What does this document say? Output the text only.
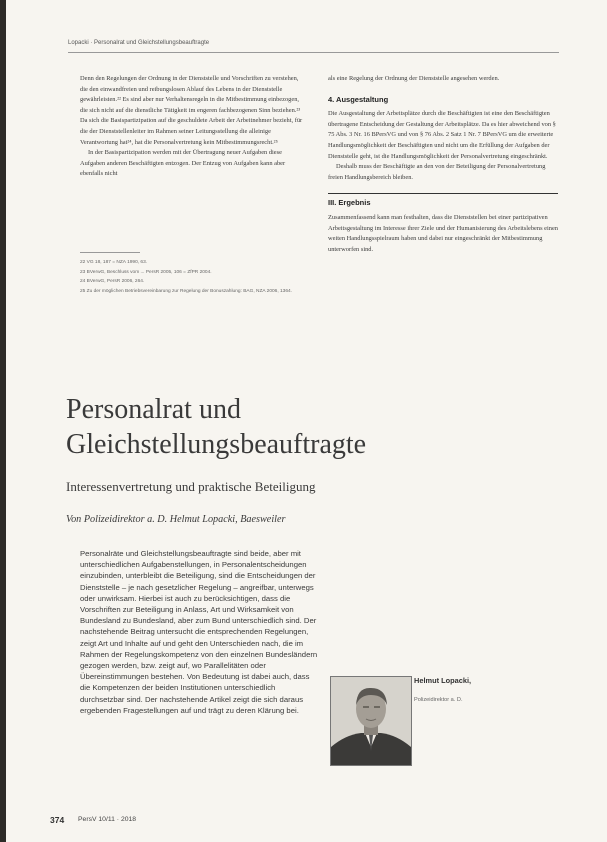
Lopacki · Personalrat und Gleichstellungsbeauftragte

Denn den Regelungen der Ordnung in der Dienststelle und Vorschriften zu verstehen, die den einwandfreien und reibungslosen Ablauf des Lebens in der Dienststelle gewährleisten.²² Es sind aber nur Verhaltensregeln in die Mitbestimmung einbezogen, die sich nicht auf die dienstliche Tätigkeit im engeren fachbezogenen Sinn beziehen.²³ Da sich die Basispartizipation auf die geschuldete Arbeit der Arbeitnehmer bezieht, für die der Dienststellenleiter im Rahmen seiner Leitungsstellung die alleinige Verantwortung hat²⁴, hat die Personalvertretung kein Mitbestimmungsrecht.²⁵

In der Basispartizipation werden mit der Übertragung neuer Aufgaben diese Aufgaben anderen Beschäftigten entzogen. Der Entzug von Aufgaben kann aber ebenfalls nicht

22 VG 18, 187 = NZA 1990, 63.
23 BVerwG, Beschluss vom ... PersR 2005, 106 = ZfPR 2004.
24 BVerwG, PersR 2006, 264.
25 Zu der möglichen Betriebsvereinbarung zur Regelung der Bonuszahlung: BAG, NZA 2006, 1364.

als eine Regelung der Ordnung der Dienststelle angesehen werden.

4. Ausgestaltung

Die Ausgestaltung der Arbeitsplätze durch die Beschäftigten ist eine den Beschäftigten übertragene Entscheidung der Gestaltung der Arbeitsplätze. Da es hier abweichend von § 75 Abs. 3 Nr. 16 BPersVG und von § 76 Abs. 2 Satz 1 Nr. 7 BPersVG um die erweiterte Handlungsmöglichkeit der Beschäftigten und nicht um die Erfüllung der Aufgaben der Dienststelle geht, ist die Handlungsmöglichkeit der Personalvertretung eingeschränkt.

Deshalb muss der Beschäftigte an den von der Beteiligung der Personalvertretung freien Handlungsbereich bleiben.

III. Ergebnis

Zusammenfassend kann man festhalten, dass die Dienststellen bei einer partizipativen Arbeitsgestaltung im Interesse ihrer Ziele und der Humanisierung des Arbeitslebens einen weiten Handlungsspielraum haben und dabei nur eingeschränkt der Mitbestimmung unterworfen sind.

Personalrat und
Gleichstellungsbeauftragte
Interessenvertretung und praktische Beteiligung
Von Polizeidirektor a. D. Helmut Lopacki, Baesweiler

Personalräte und Gleichstellungsbeauftragte sind beide, aber mit unterschiedlichen Aufgabenstellungen, in Personalentscheidungen einzubinden, unterbleibt die Beteiligung, sind die Entscheidungen der Dienststelle – je nach gesetzlicher Regelung – angreifbar, unterwegs oder unwirksam. Hierbei ist auch zu berücksichtigen, dass die Vorschriften zur Beteiligung in Anlass, Art und Wirksamkeit von Bundesland zu Bundesland, aber zum Bund unterschiedlich sind. Der nachstehende Beitrag untersucht die entsprechenden Regelungen, zeigt Art und Inhalte auf und geht den Unterschieden nach, die im Rahmen der Regelungskompetenz von den einzelnen Bundesländern gezogen werden, bzw. zeigt auf, wo Parallelitäten oder Übereinstimmungen bestehen. Von Bedeutung ist dabei auch, dass die Kompetenzen der beiden Institutionen unterschiedlich durchsetzbar sind. Der nachstehende Artikel zeigt die sich daraus ergebenden Fragestellungen auf und trägt zu deren Klärung bei.

Helmut Lopacki,
Polizeidirektor a. D.
374 PersV 10/11 · 2018
